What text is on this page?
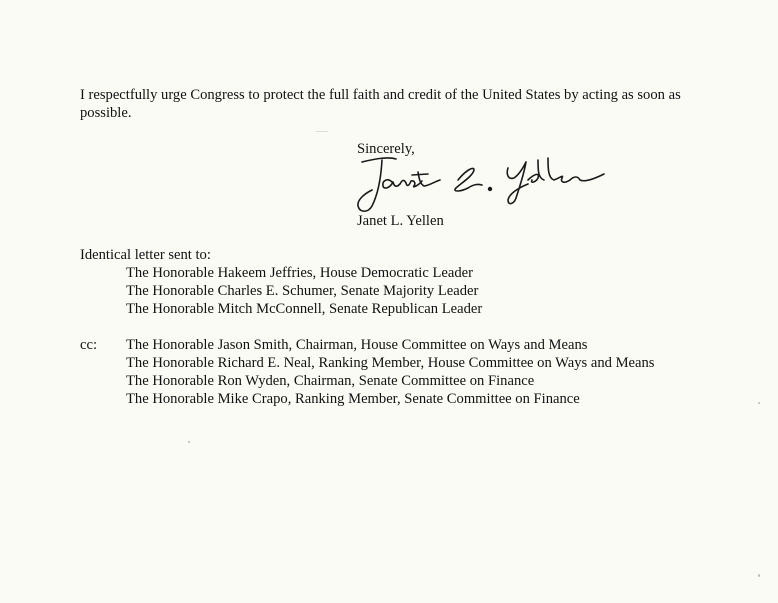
I respectfully urge Congress to protect the full faith and credit of the United States by acting as soon as possible.
Sincerely,
Janet L. Yellen
Identical letter sent to:
The Honorable Hakeem Jeffries, House Democratic Leader
The Honorable Charles E. Schumer, Senate Majority Leader
The Honorable Mitch McConnell, Senate Republican Leader
cc: The Honorable Jason Smith, Chairman, House Committee on Ways and Means
The Honorable Richard E. Neal, Ranking Member, House Committee on Ways and Means
The Honorable Ron Wyden, Chairman, Senate Committee on Finance
The Honorable Mike Crapo, Ranking Member, Senate Committee on Finance
